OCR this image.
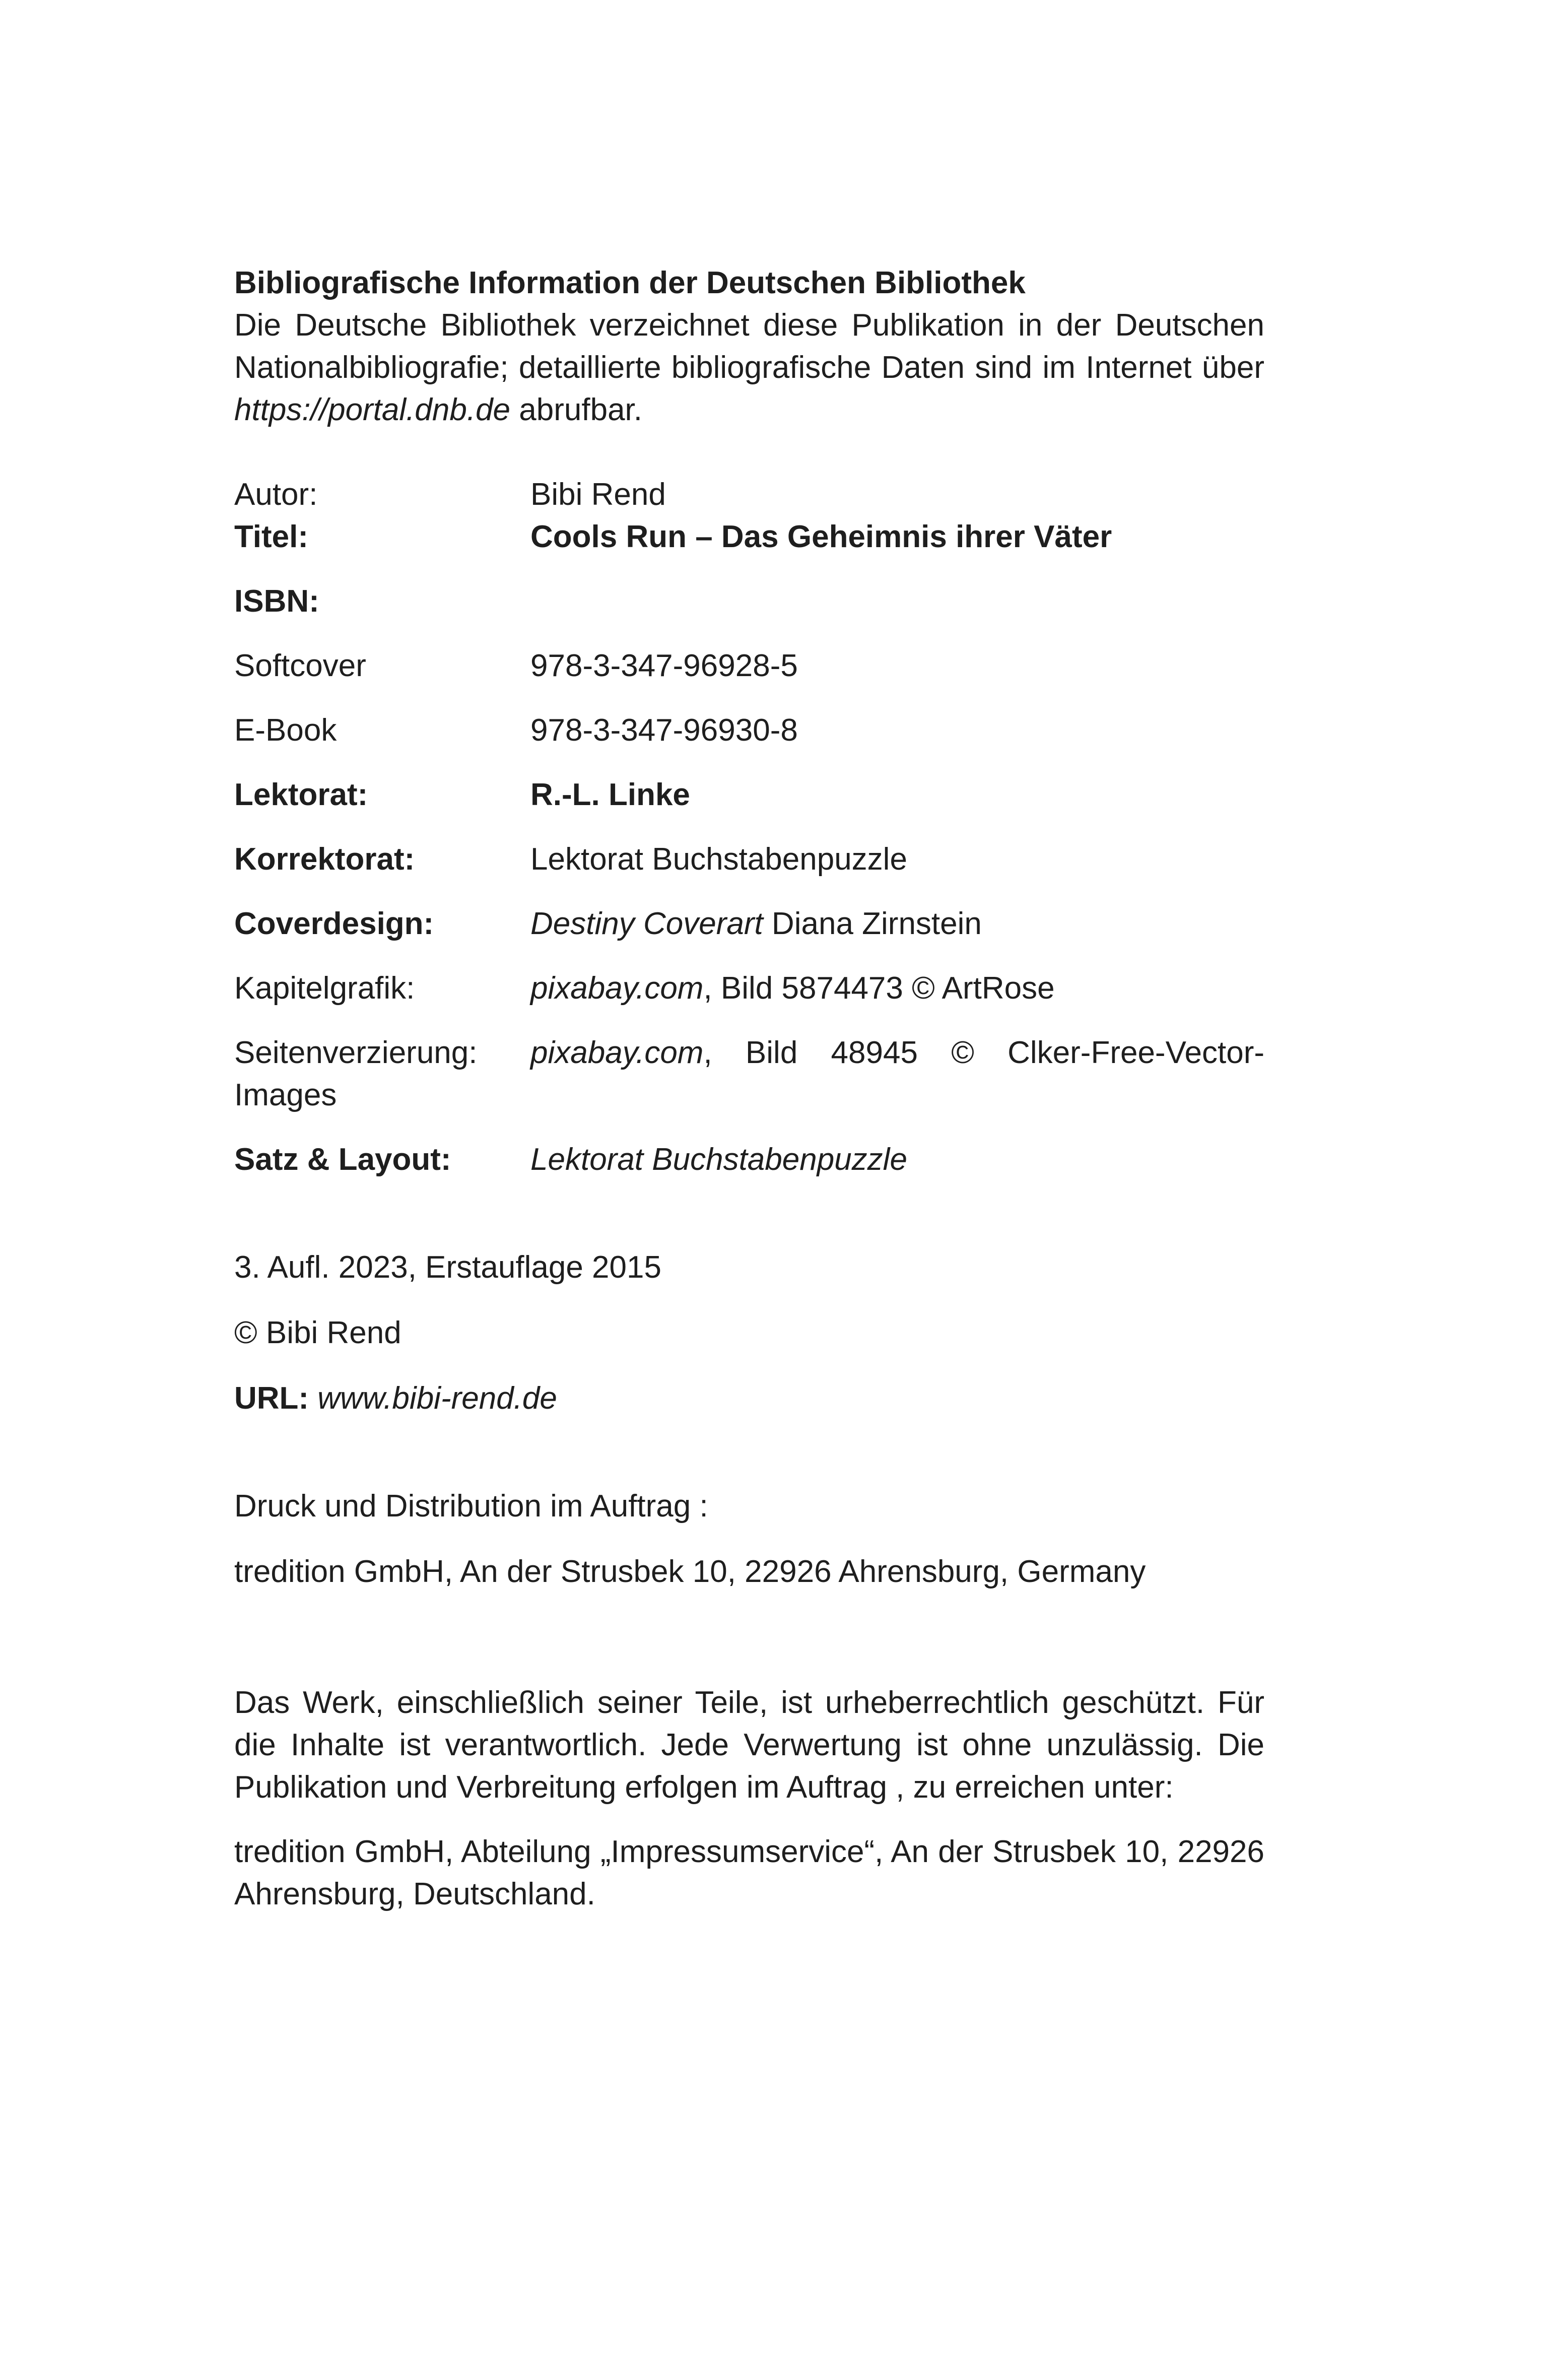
Bibliografische Information der Deutschen Bibliothek

Die Deutsche Bibliothek verzeichnet diese Publikation in der Deutschen Nationalbibliografie; detaillierte bibliografische Daten sind im Internet über https://portal.dnb.de abrufbar.

Autor:	Bibi Rend
Titel:	Cools Run – Das Geheimnis ihrer Väter
ISBN:
Softcover	978-3-347-96928-5
E-Book	978-3-347-96930-8
Lektorat:	R.-L. Linke
Korrektorat:	Lektorat Buchstabenpuzzle
Coverdesign:	Destiny Coverart Diana Zirnstein
Kapitelgrafik:	pixabay.com, Bild 5874473 © ArtRose
Seitenverzierung:	pixabay.com, Bild 48945 © Clker-Free-Vector-
Images
Satz & Layout:	Lektorat Buchstabenpuzzle

3. Aufl. 2023, Erstauflage 2015

© Bibi Rend

URL: www.bibi-rend.de

Druck und Distribution im Auftrag :

tredition GmbH, An der Strusbek 10, 22926 Ahrensburg, Germany

Das Werk, einschließlich seiner Teile, ist urheberrechtlich geschützt. Für die Inhalte ist verantwortlich. Jede Verwertung ist ohne unzulässig. Die Publikation und Verbreitung erfolgen im Auftrag , zu erreichen unter:

tredition GmbH, Abteilung „Impressumservice“, An der Strusbek 10, 22926 Ahrensburg, Deutschland.
